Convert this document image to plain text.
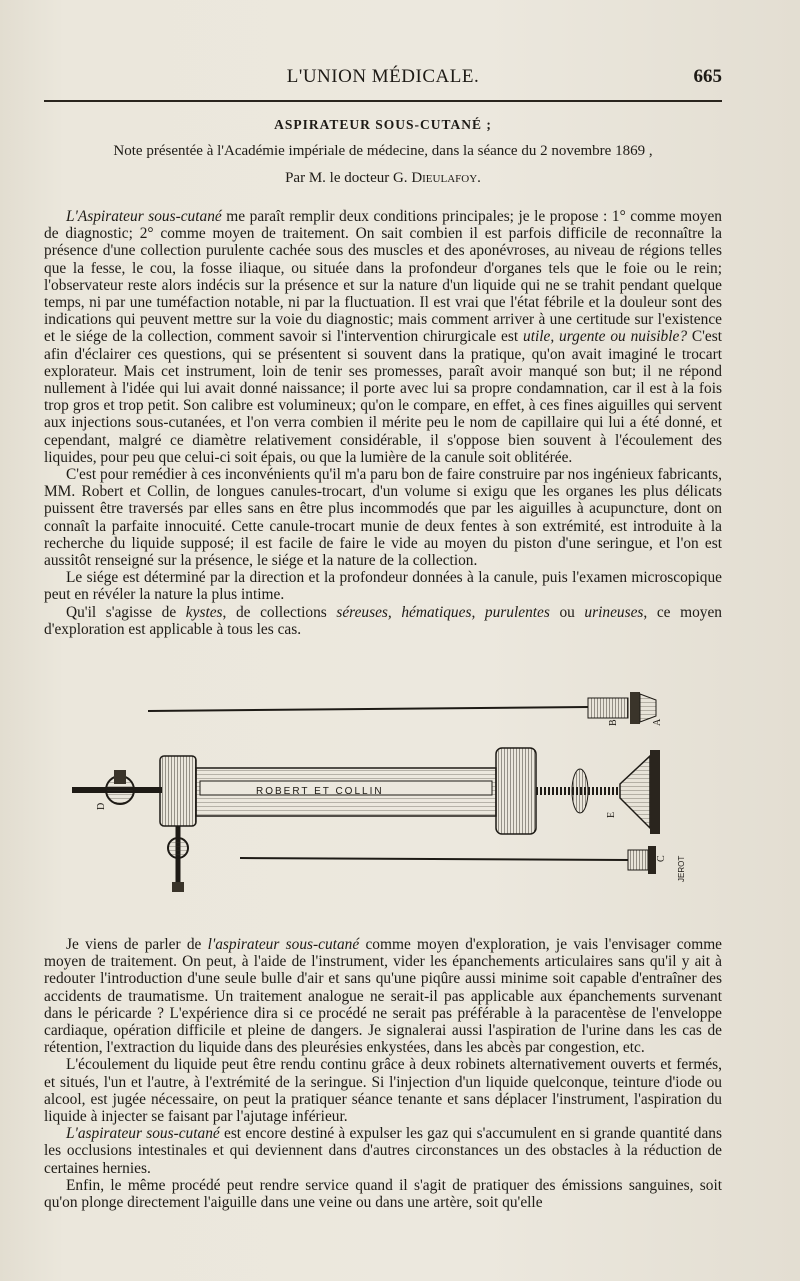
L'UNION MÉDICALE.	665
ASPIRATEUR SOUS-CUTANÉ ;
Note présentée à l'Académie impériale de médecine, dans la séance du 2 novembre 1869 ,
Par M. le docteur G. Dieulafoy.

L'Aspirateur sous-cutané me paraît remplir deux conditions principales; je le propose : 1° comme moyen de diagnostic; 2° comme moyen de traitement. On sait combien il est parfois difficile de reconnaître la présence d'une collection purulente cachée sous des muscles et des aponévroses, au niveau de régions telles que la fesse, le cou, la fosse iliaque, ou située dans la profondeur d'organes tels que le foie ou le rein; l'observateur reste alors indécis sur la présence et sur la nature d'un liquide qui ne se trahit pendant quelque temps, ni par une tuméfaction notable, ni par la fluctuation. Il est vrai que l'état fébrile et la douleur sont des indications qui peuvent mettre sur la voie du diagnostic; mais comment arriver à une certitude sur l'existence et le siége de la collection, comment savoir si l'intervention chirurgicale est utile, urgente ou nuisible? C'est afin d'éclairer ces questions, qui se présentent si souvent dans la pratique, qu'on avait imaginé le trocart explorateur. Mais cet instrument, loin de tenir ses promesses, paraît avoir manqué son but; il ne répond nullement à l'idée qui lui avait donné naissance; il porte avec lui sa propre condamnation, car il est à la fois trop gros et trop petit. Son calibre est volumineux; qu'on le compare, en effet, à ces fines aiguilles qui servent aux injections sous-cutanées, et l'on verra combien il mérite peu le nom de capillaire qui lui a été donné, et cependant, malgré ce diamètre relativement considérable, il s'oppose bien souvent à l'écoulement des liquides, pour peu que celui-ci soit épais, ou que la lumière de la canule soit oblitérée.

C'est pour remédier à ces inconvénients qu'il m'a paru bon de faire construire par nos ingénieux fabricants, MM. Robert et Collin, de longues canules-trocart, d'un volume si exigu que les organes les plus délicats puissent être traversés par elles sans en être plus incommodés que par les aiguilles à acupuncture, dont on connaît la parfaite innocuité. Cette canule-trocart munie de deux fentes à son extrémité, est introduite à la recherche du liquide supposé; il est facile de faire le vide au moyen du piston d'une seringue, et l'on est aussitôt renseigné sur la présence, le siége et la nature de la collection.

Le siége est déterminé par la direction et la profondeur données à la canule, puis l'examen microscopique peut en révéler la nature la plus intime.

Qu'il s'agisse de kystes, de collections séreuses, hématiques, purulentes ou urineuses, ce moyen d'exploration est applicable à tous les cas.

B	A
ROBERT ET COLLIN
D
E
C JEROT

Je viens de parler de l'aspirateur sous-cutané comme moyen d'exploration, je vais l'envisager comme moyen de traitement. On peut, à l'aide de l'instrument, vider les épanchements articulaires sans qu'il y ait à redouter l'introduction d'une seule bulle d'air et sans qu'une piqûre aussi minime soit capable d'entraîner des accidents de traumatisme. Un traitement analogue ne serait-il pas applicable aux épanchements survenant dans le péricarde ? L'expérience dira si ce procédé ne serait pas préférable à la paracentèse de l'enveloppe cardiaque, opération difficile et pleine de dangers. Je signalerai aussi l'aspiration de l'urine dans les cas de rétention, l'extraction du liquide dans des pleurésies enkystées, dans les abcès par congestion, etc.

L'écoulement du liquide peut être rendu continu grâce à deux robinets alternativement ouverts et fermés, et situés, l'un et l'autre, à l'extrémité de la seringue. Si l'injection d'un liquide quelconque, teinture d'iode ou alcool, est jugée nécessaire, on peut la pratiquer séance tenante et sans déplacer l'instrument, l'aspiration du liquide à injecter se faisant par l'ajutage inférieur.

L'aspirateur sous-cutané est encore destiné à expulser les gaz qui s'accumulent en si grande quantité dans les occlusions intestinales et qui deviennent dans d'autres circonstances un des obstacles à la réduction de certaines hernies.

Enfin, le même procédé peut rendre service quand il s'agit de pratiquer des émissions sanguines, soit qu'on plonge directement l'aiguille dans une veine ou dans une artère, soit qu'elle
